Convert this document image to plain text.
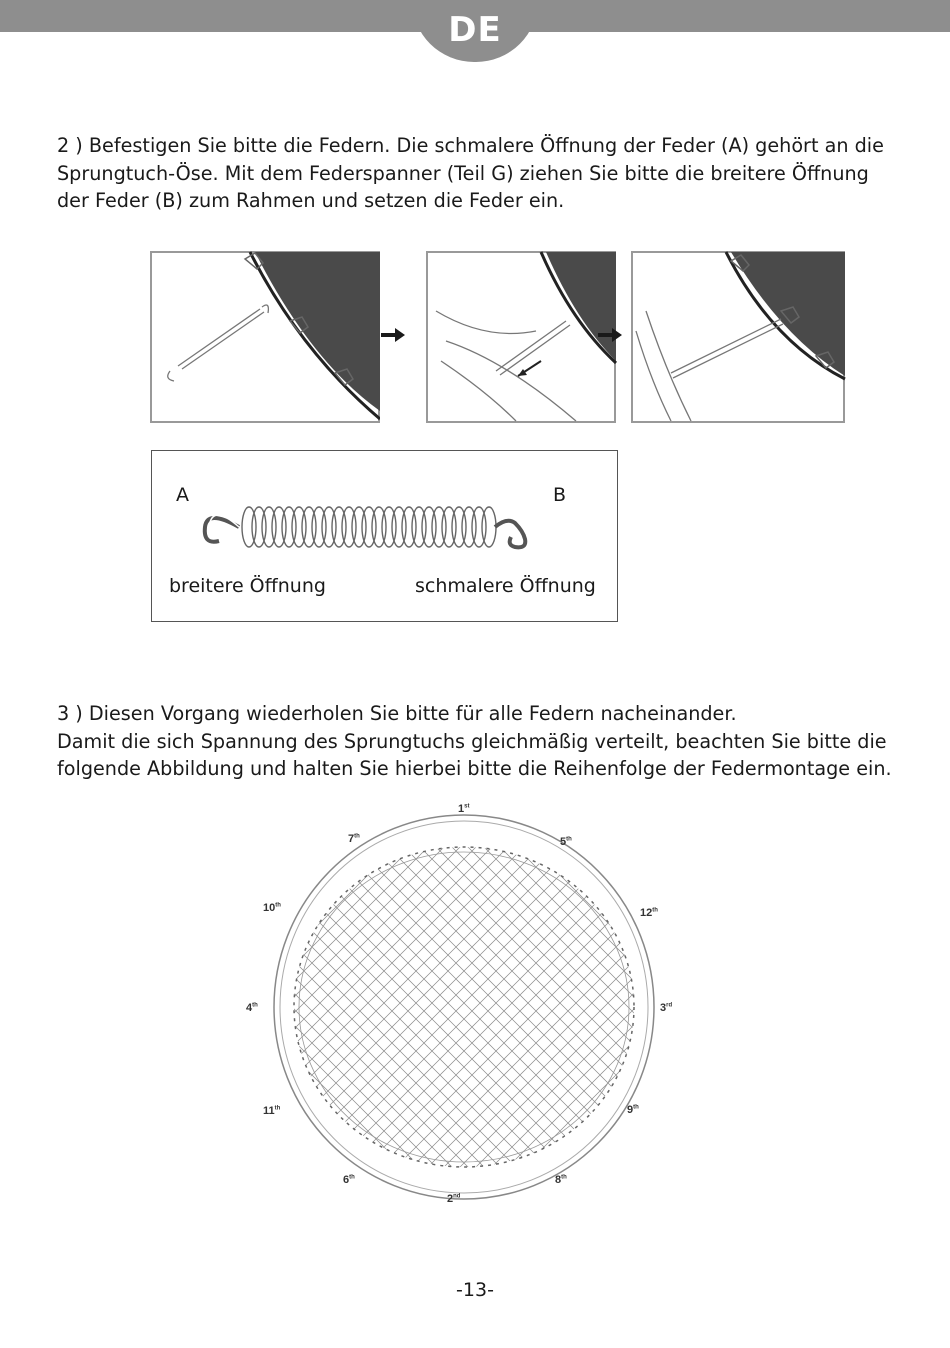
DE

2 ) Befestigen Sie bitte die Federn. Die schmalere Öffnung der Feder (A) gehört an die Sprungtuch-Öse. Mit dem Federspanner (Teil G) ziehen Sie bitte die breitere Öffnung der Feder (B) zum Rahmen und setzen die Feder ein.

A	B
breitere Öffnung	schmalere Öffnung

3 ) Diesen Vorgang wiederholen Sie bitte für alle Federn nacheinander.

Damit die sich Spannung des Sprungtuchs gleichmäßig verteilt, beachten Sie bitte die folgende Abbildung und halten Sie hierbei bitte die Reihenfolge der Federmontage ein.

1st
5th
7th
10th
12th
4th	3rd
11th	9th
6th	8th
2nd
-13-
